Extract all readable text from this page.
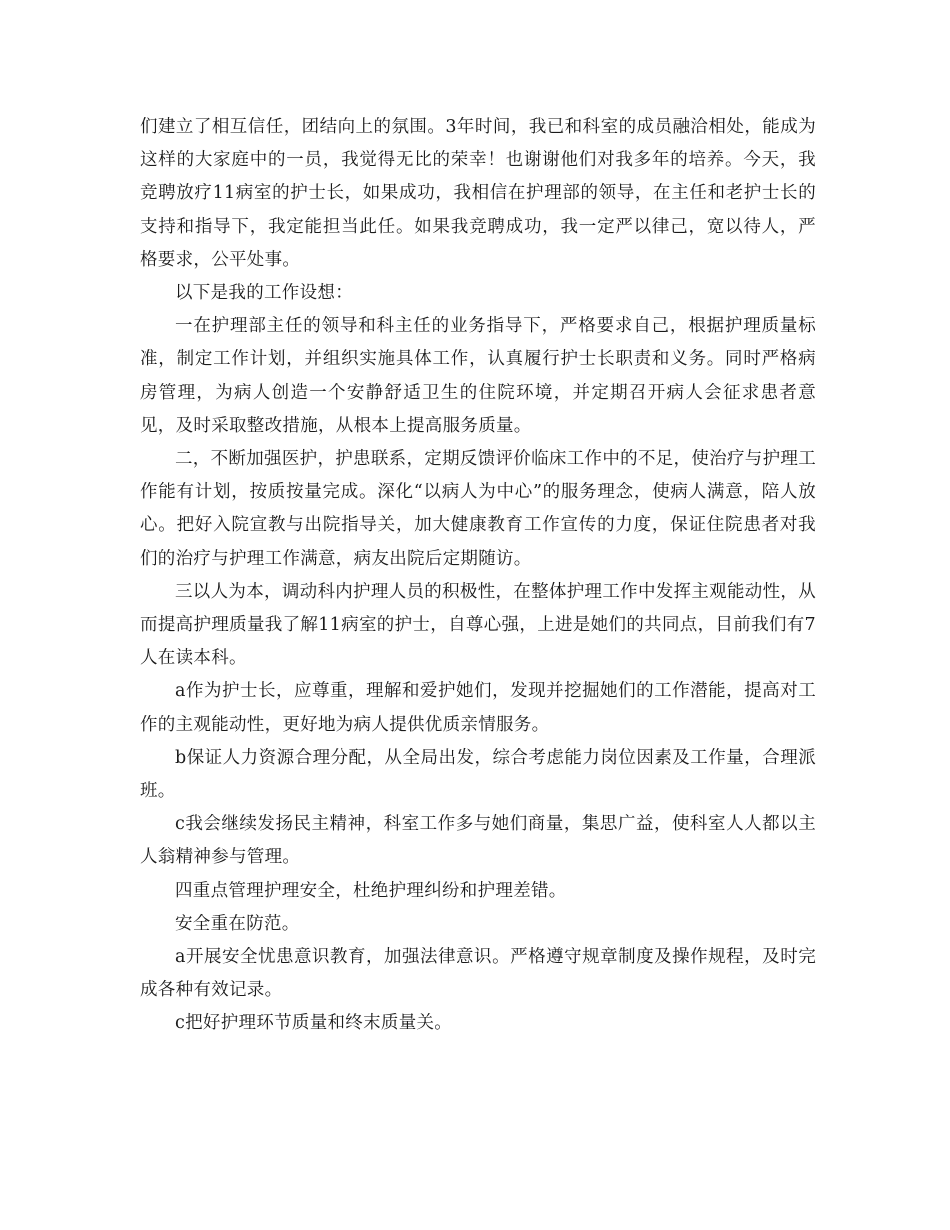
们建立了相互信任，团结向上的氛围。3年时间，我已和科室的成员融洽相处，能成为这样的大家庭中的一员，我觉得无比的荣幸！也谢谢他们对我多年的培养。今天，我竞聘放疗11病室的护士长，如果成功，我相信在护理部的领导，在主任和老护士长的支持和指导下，我定能担当此任。如果我竞聘成功，我一定严以律己，宽以待人，严格要求，公平处事。

以下是我的工作设想：

一在护理部主任的领导和科主任的业务指导下，严格要求自己，根据护理质量标准，制定工作计划，并组织实施具体工作，认真履行护士长职责和义务。同时严格病房管理，为病人创造一个安静舒适卫生的住院环境，并定期召开病人会征求患者意见，及时采取整改措施，从根本上提高服务质量。

二，不断加强医护，护患联系，定期反馈评价临床工作中的不足，使治疗与护理工作能有计划，按质按量完成。深化“以病人为中心”的服务理念，使病人满意，陪人放心。把好入院宣教与出院指导关，加大健康教育工作宣传的力度，保证住院患者对我们的治疗与护理工作满意，病友出院后定期随访。

三以人为本，调动科内护理人员的积极性，在整体护理工作中发挥主观能动性，从而提高护理质量我了解11病室的护士，自尊心强，上进是她们的共同点，目前我们有7人在读本科。

a作为护士长，应尊重，理解和爱护她们，发现并挖掘她们的工作潜能，提高对工作的主观能动性，更好地为病人提供优质亲情服务。

b保证人力资源合理分配，从全局出发，综合考虑能力岗位因素及工作量，合理派班。

c我会继续发扬民主精神，科室工作多与她们商量，集思广益，使科室人人都以主人翁精神参与管理。

四重点管理护理安全，杜绝护理纠纷和护理差错。

安全重在防范。

a开展安全忧患意识教育，加强法律意识。严格遵守规章制度及操作规程，及时完成各种有效记录。

c把好护理环节质量和终末质量关。
